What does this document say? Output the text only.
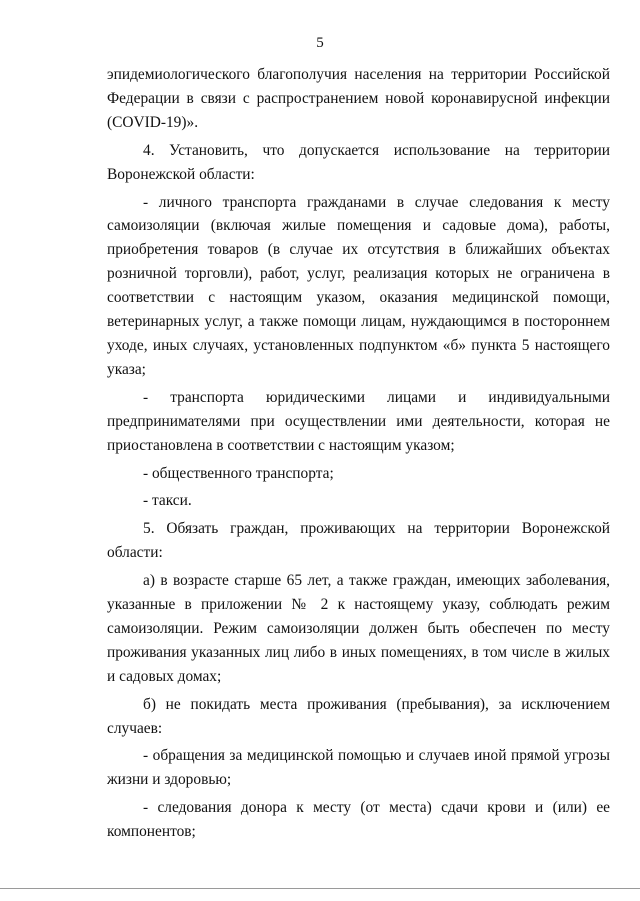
5

эпидемиологического благополучия населения на территории Российской Федерации в связи с распространением новой коронавирусной инфекции (COVID-19)».

4. Установить, что допускается использование на территории Воронежской области:

- личного транспорта гражданами в случае следования к месту самоизоляции (включая жилые помещения и садовые дома), работы, приобретения товаров (в случае их отсутствия в ближайших объектах розничной торговли), работ, услуг, реализация которых не ограничена в соответствии с настоящим указом, оказания медицинской помощи, ветеринарных услуг, а также помощи лицам, нуждающимся в постороннем уходе, иных случаях, установленных подпунктом «б» пункта 5 настоящего указа;

- транспорта юридическими лицами и индивидуальными предпринимателями при осуществлении ими деятельности, которая не приостановлена в соответствии с настоящим указом;

- общественного транспорта;

- такси.

5. Обязать граждан, проживающих на территории Воронежской области:

а) в возрасте старше 65 лет, а также граждан, имеющих заболевания, указанные в приложении № 2 к настоящему указу, соблюдать режим самоизоляции. Режим самоизоляции должен быть обеспечен по месту проживания указанных лиц либо в иных помещениях, в том числе в жилых и садовых домах;

б) не покидать места проживания (пребывания), за исключением случаев:

- обращения за медицинской помощью и случаев иной прямой угрозы жизни и здоровью;

- следования донора к месту (от места) сдачи крови и (или) ее компонентов;
